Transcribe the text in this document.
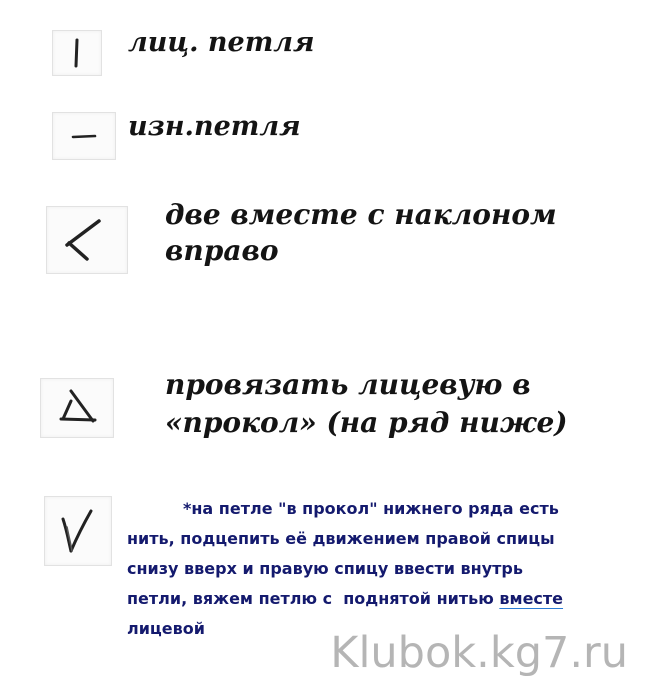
лиц. петля
изн.петля
две вместе с наклоном
вправо
провязать лицевую в
«прокол» (на ряд ниже)
*на петле "в прокол" нижнего ряда есть
нить, подцепить её движением правой спицы
снизу вверх и правую спицу ввести внутрь
петли, вяжем петлю с  поднятой нитью вместе
лицевой	Klubok.kg7.ru
